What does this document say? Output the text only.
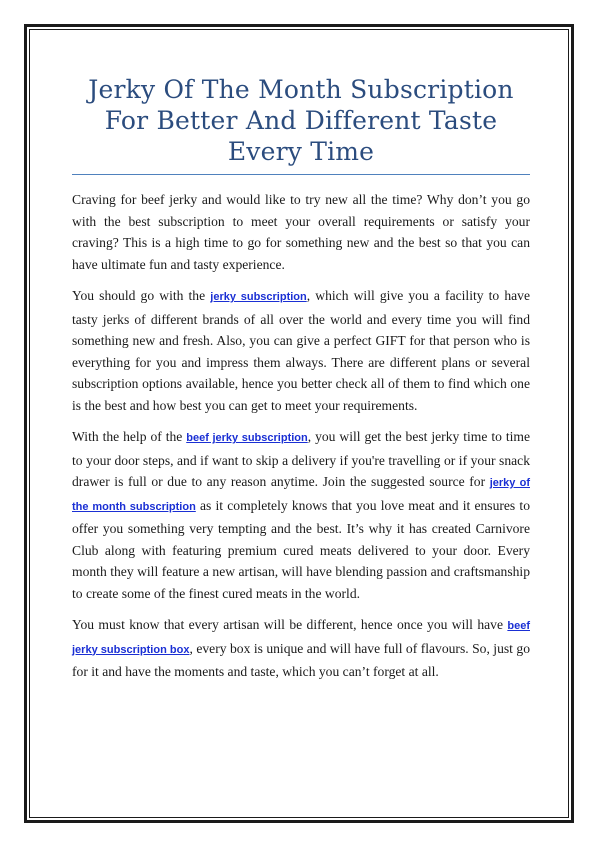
Jerky Of The Month Subscription For Better And Different Taste Every Time

Craving for beef jerky and would like to try new all the time? Why don’t you go with the best subscription to meet your overall requirements or satisfy your craving? This is a high time to go for something new and the best so that you can have ultimate fun and tasty experience.

You should go with the jerky subscription, which will give you a facility to have tasty jerks of different brands of all over the world and every time you will find something new and fresh. Also, you can give a perfect GIFT for that person who is everything for you and impress them always. There are different plans or several subscription options available, hence you better check all of them to find which one is the best and how best you can get to meet your requirements.

With the help of the beef jerky subscription, you will get the best jerky time to time to your door steps, and if want to skip a delivery if you're travelling or if your snack drawer is full or due to any reason anytime. Join the suggested source for jerky of the month subscription as it completely knows that you love meat and it ensures to offer you something very tempting and the best. It’s why it has created Carnivore Club along with featuring premium cured meats delivered to your door. Every month they will feature a new artisan, will have blending passion and craftsmanship to create some of the finest cured meats in the world.

You must know that every artisan will be different, hence once you will have beef jerky subscription box, every box is unique and will have full of flavours. So, just go for it and have the moments and taste, which you can’t forget at all.
